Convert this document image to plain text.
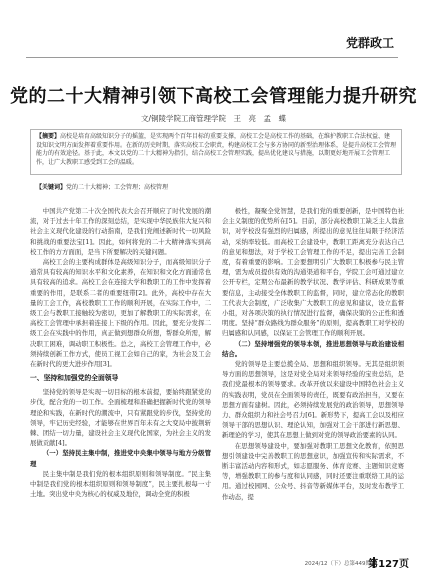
党群政工
党的二十大精神引领下高校工会管理能力提升研究
文/铜陵学院工商管理学院　王　亮　孟　蝶
【摘要】高校是培育高级知识分子的摇篮，是实现两个百年目标的重要支撑，高校工会是高校工作的基础，在维护教职工合法权益、建设知识文明方面发挥着重要作用。在新的历史时期，落实高校工会职责，构建高校工会与多方协同的新型治理体系，是提升高校工会管理能力的有效途径。基于此，本文以党的二十大精神为指引，结合高校工会管理实践，提出优化建议与措施，以期更好地开展工会管理工作，让广大教职工感受到工会的温暖。
【关键词】党的二十大精神；工会管理；高校管理

中国共产党第二十次全国代表大会召开顺应了时代发展的潮流，对于过去十年工作的深刻总结，是实现中华民族伟大复兴和社会主义现代化建设的行动指南，是我们党阐述新时代一切风险和挑战的重要法宝[1]。因此，如何将党的二十大精神落实到高校工作的方方面面，是当下所要解决的关键问题。

高校工会的主要构成群体是高级知识分子，而高级知识分子通常具有较高的知识水平和文化素养，在知识和文化方面通常也具有较高的追求。高校工会在连接大学和教职工的工作中发挥着重要的作用，是联系二者的重要纽带[2]。此外，高校中存在大量的工会工作，高校教职工工作的顺利开展，在实际工作中，二级工会与教职工接触较为密切，更加了解教职工的实际需求，在高校工会管理中承担着连接上下级的作用。因此，要充分发挥二级工会在实践中的作用，真正做到想群众所想，帮群众所需，解决职工困难，调动职工积极性。总之，高校工会管理工作中，必须持续创新工作方式，使员工视工会如自己的家，为社会及工会在新时代的更大进步作用[3]。

一、坚持和加强党的全面领导

坚持党的领导是实现一切目标的根本前提，要始终跟紧党的步伐，配合党的一切工作。全面梳理和准确把握新时代党的领导理论和实践，在新时代的潮流中，只有紧跟党的步伐，坚持党的领导，牢记历史经验，才能够在世界百年未有之大变局中披荆斩棘、团结一切力量，建设社会主义现代化国家，为社会主义的发展做贡献[4]。

（一）坚持民主集中制，推进党中央集中领导与地方分级管理

民主集中制是我们党的根本组织原则和领导制度。“民主集中制是我们党的根本组织原则和领导制度”，民主要扎根每一寸土地。突出党中央为核心的权威及地位，调动全党的积极

极性，凝聚全党智慧，是我们党的重要创新，是中国特色社会主义制度的优势所在[5]。目前，部分高校教职工缺乏主人翁意识，对学校没有强烈的归属感，所提出的意见往往局限于经济活动，采纳率较低。而高校工会建设中，教职工距离充分表达自己的意见和想法，对于学校工会管理工作的不足，提出完善工会制度，有着重要的影响。工会要想明引广大教职工积极参与民主管理，需为成员提供有效的沟通渠道和平台，学院工会可通过建立公开专栏，定期公布最新的教学状况、教学评估、科研成果等重要信息，主动接受全体教职工的监督，同时，建立常态化的教职工代表大会制度，广泛收集广大教职工的意见和建议，设立监督小组，对各项决策的执行情况进行监督，确保决策的公正性和透明度。坚持“群众路线为群众服务”的原则，提高教职工对学校的归属感和认同感，以保证工会管理工作的顺利开展。

（二）坚持增强党的领导本领，推进思想领导与政治建设相结合。

党的领导是主要总揽全局、思想和组织领导。无其是组织领导方面的思想领导，这是对党全局对来领导经验的宝贵总结，是我们党最根本的领导要求。改革开放以来建设中国特色社会主义的实践表明，党员在全面领导的责任，既要有政治担当，又要在思想方面有建树。因此，必须持续发展党的政治领导，思想领导力、群众组织力和社会号召力[6]。新形势下，提高工会以及相应领导干部的思想认识、理论认知，加强对工会干部进行新思想、新理论的学习，使其在思想上做到对党的领导政治要素的认同。

在思想领导建设中，要加强对教职工思想文化教育，依照思想引领建设中完善教职工的思想意识，加强宣传和实际需求，不断丰富活动内容和形式，如志愿服务、体育竞赛、主题知识竞赛等，增强教职工的参与度和认同感，同时还要注重联络工具的运用。通过校园网、公众号、抖音等新媒体平台，及时发布教学工作动态，提

2024/12（下）总第449期
第127页
